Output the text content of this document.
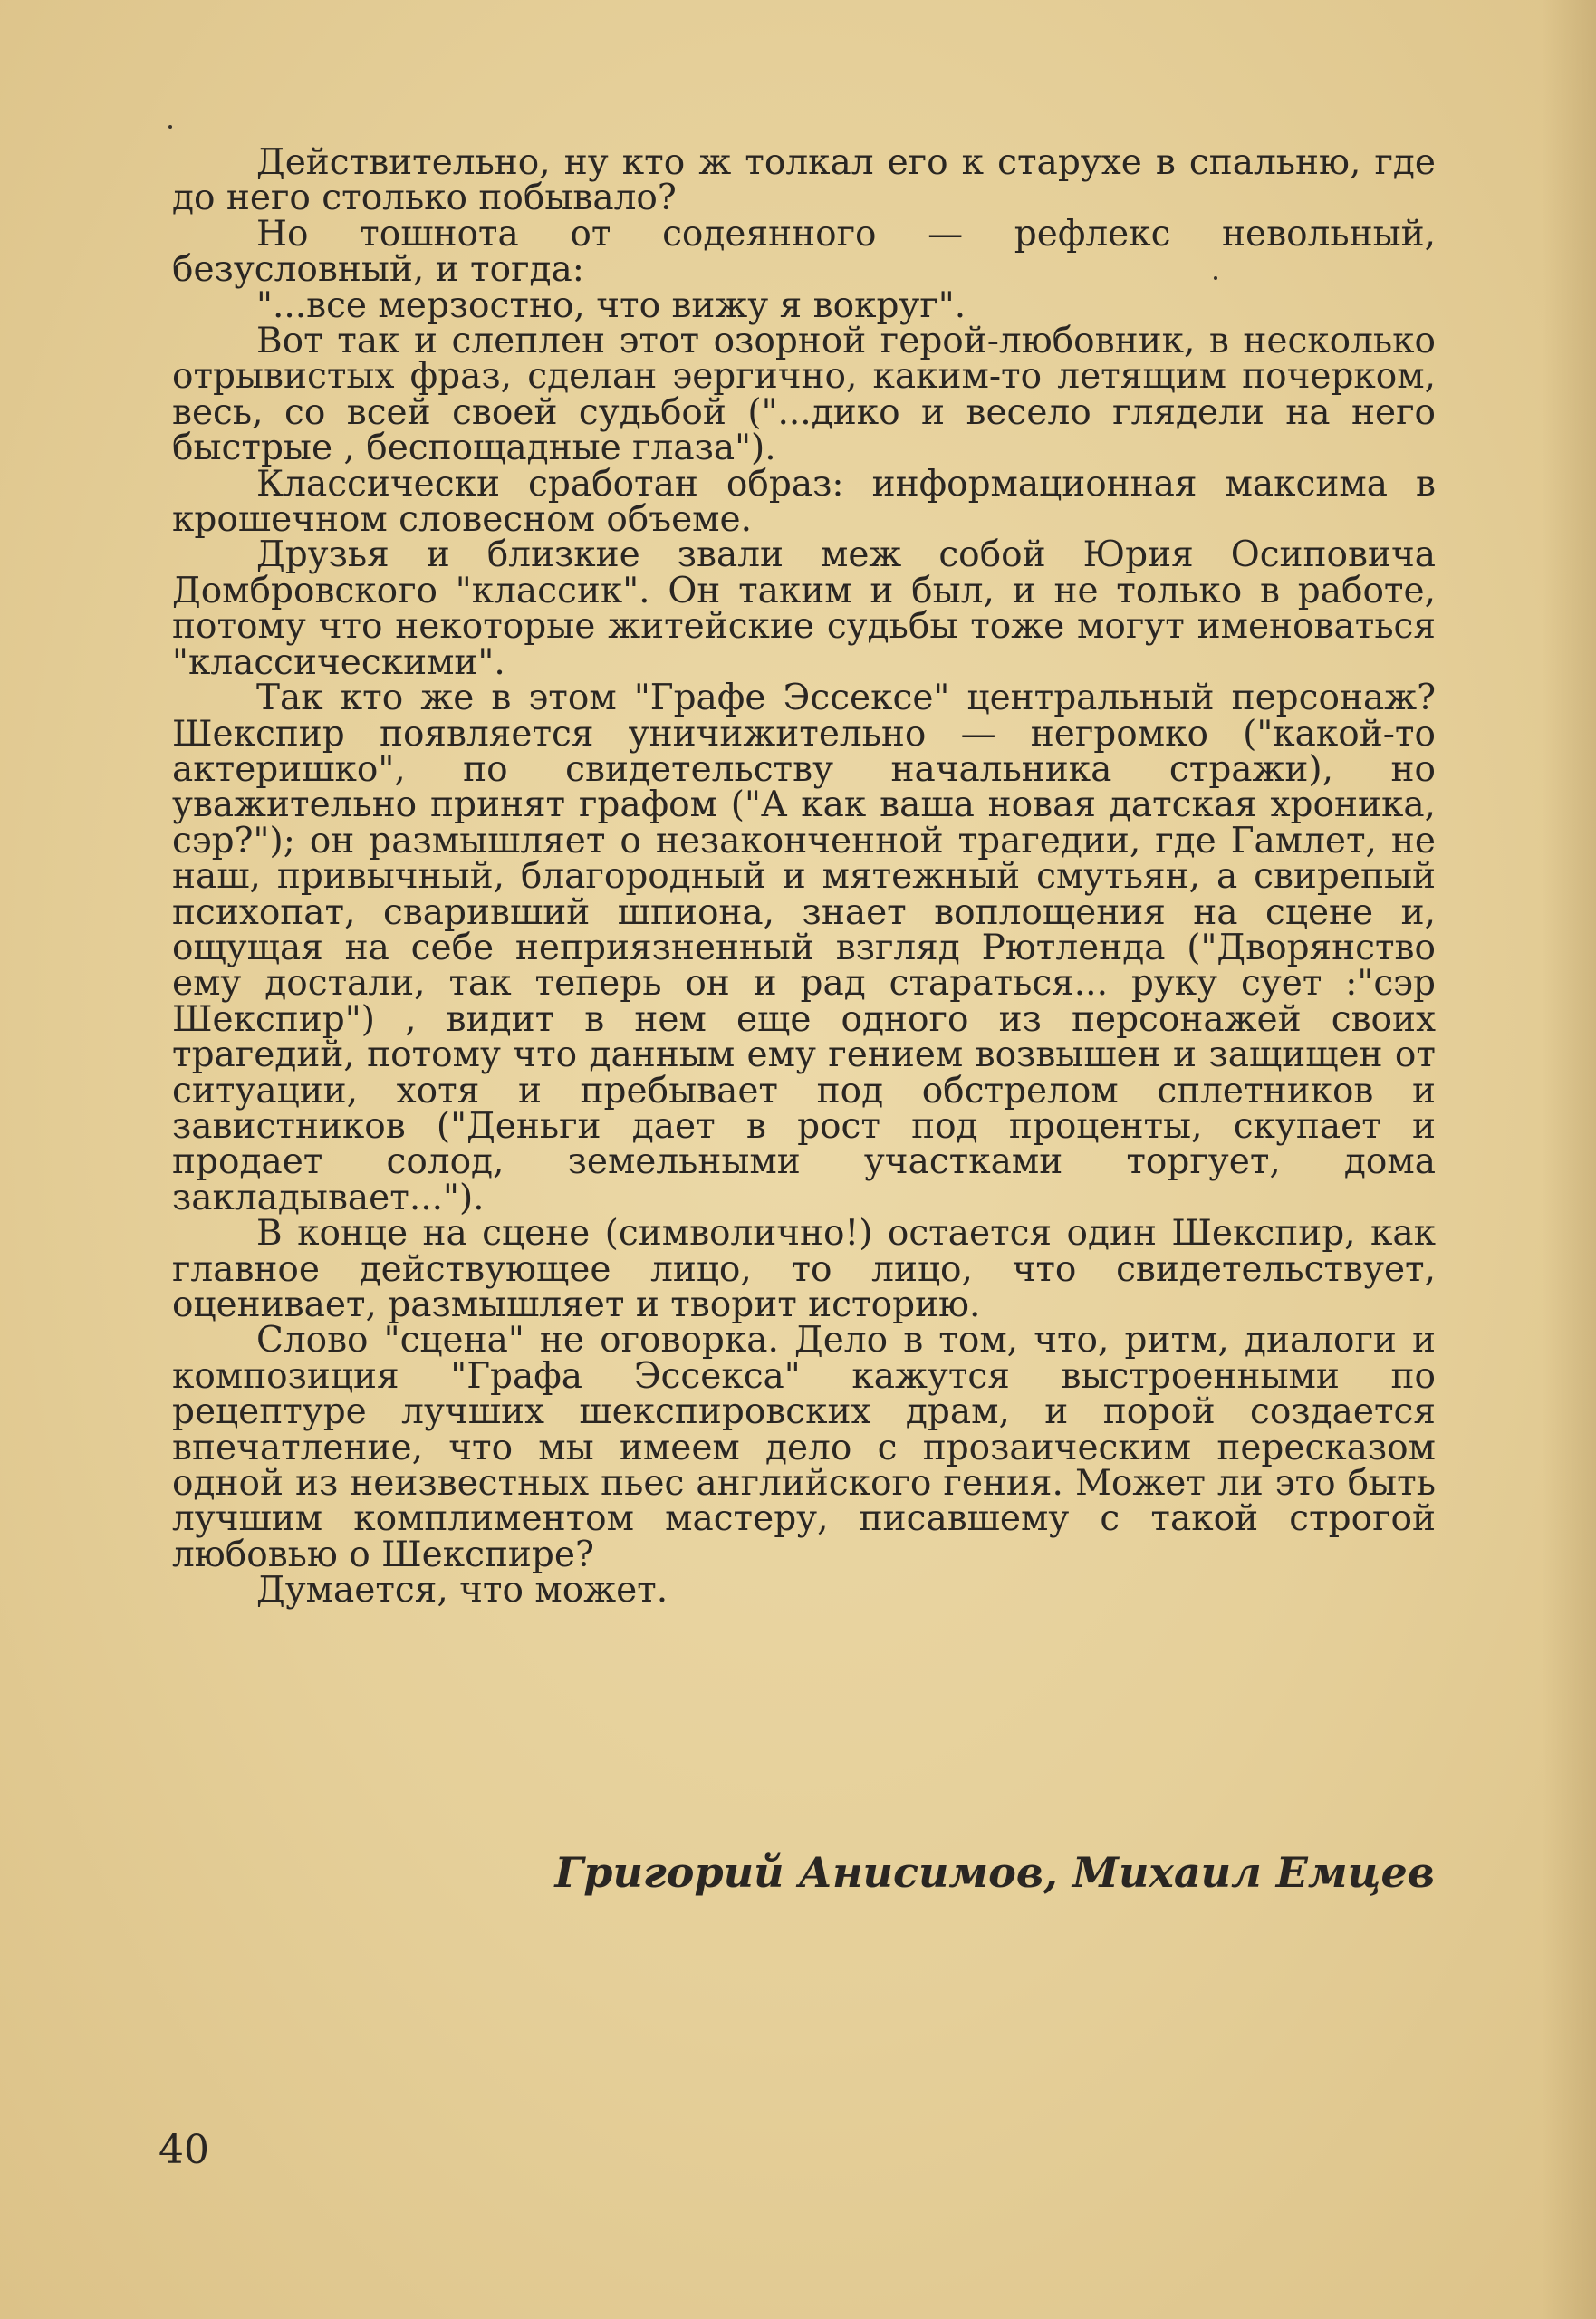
Действительно, ну кто ж толкал его к старухе в спальню, где до него столько побывало?

Но тошнота от содеянного — рефлекс невольный, безусловный, и тогда:

"...все мерзостно, что вижу я вокруг".

Вот так и слеплен этот озорной герой-любовник, в несколько отрывистых фраз, сделан эергично, каким-то летящим почерком, весь, со всей своей судьбой ("...дико и весело глядели на него быстрые , беспощадные глаза").

Классически сработан образ: информационная максима в крошечном словесном объеме.

Друзья и близкие звали меж собой Юрия Осиповича Домбровского "классик". Он таким и был, и не только в работе, потому что некоторые житейские судьбы тоже могут именоваться "классическими".

Так кто же в этом "Графе Эссексе" центральный персонаж? Шекспир появляется уничижительно — негромко ("какой-то актеришко", по свидетельству начальника стражи), но уважительно принят графом ("А как ваша новая датская хроника, сэр?"); он размышляет о незаконченной трагедии, где Гамлет, не наш, привычный, благородный и мятежный смутьян, а свирепый психопат, сваривший шпиона, знает воплощения на сцене и, ощущая на себе неприязненный взгляд Рютленда ("Дворянство ему достали, так теперь он и рад стараться... руку сует :"сэр Шекспир") , видит в нем еще одного из персонажей своих трагедий, потому что данным ему гением возвышен и защищен от ситуации, хотя и пребывает под обстрелом сплетников и завистников ("Деньги дает в рост под проценты, скупает и продает солод, земельными участками торгует, дома закладывает...").

В конце на сцене (символично!) остается один Шекспир, как главное действующее лицо, то лицо, что свидетельствует, оценивает, размышляет и творит историю.

Слово "сцена" не оговорка. Дело в том, что, ритм, диалоги и композиция "Графа Эссекса" кажутся выстроенными по рецептуре лучших шекспировских драм, и порой создается впечатление, что мы имеем дело с прозаическим пересказом одной из неизвестных пьес английского гения. Может ли это быть лучшим комплиментом мастеру, писавшему с такой строгой любовью о Шекспире?

Думается, что может.

Григорий Анисимов, Михаил Емцев
40
